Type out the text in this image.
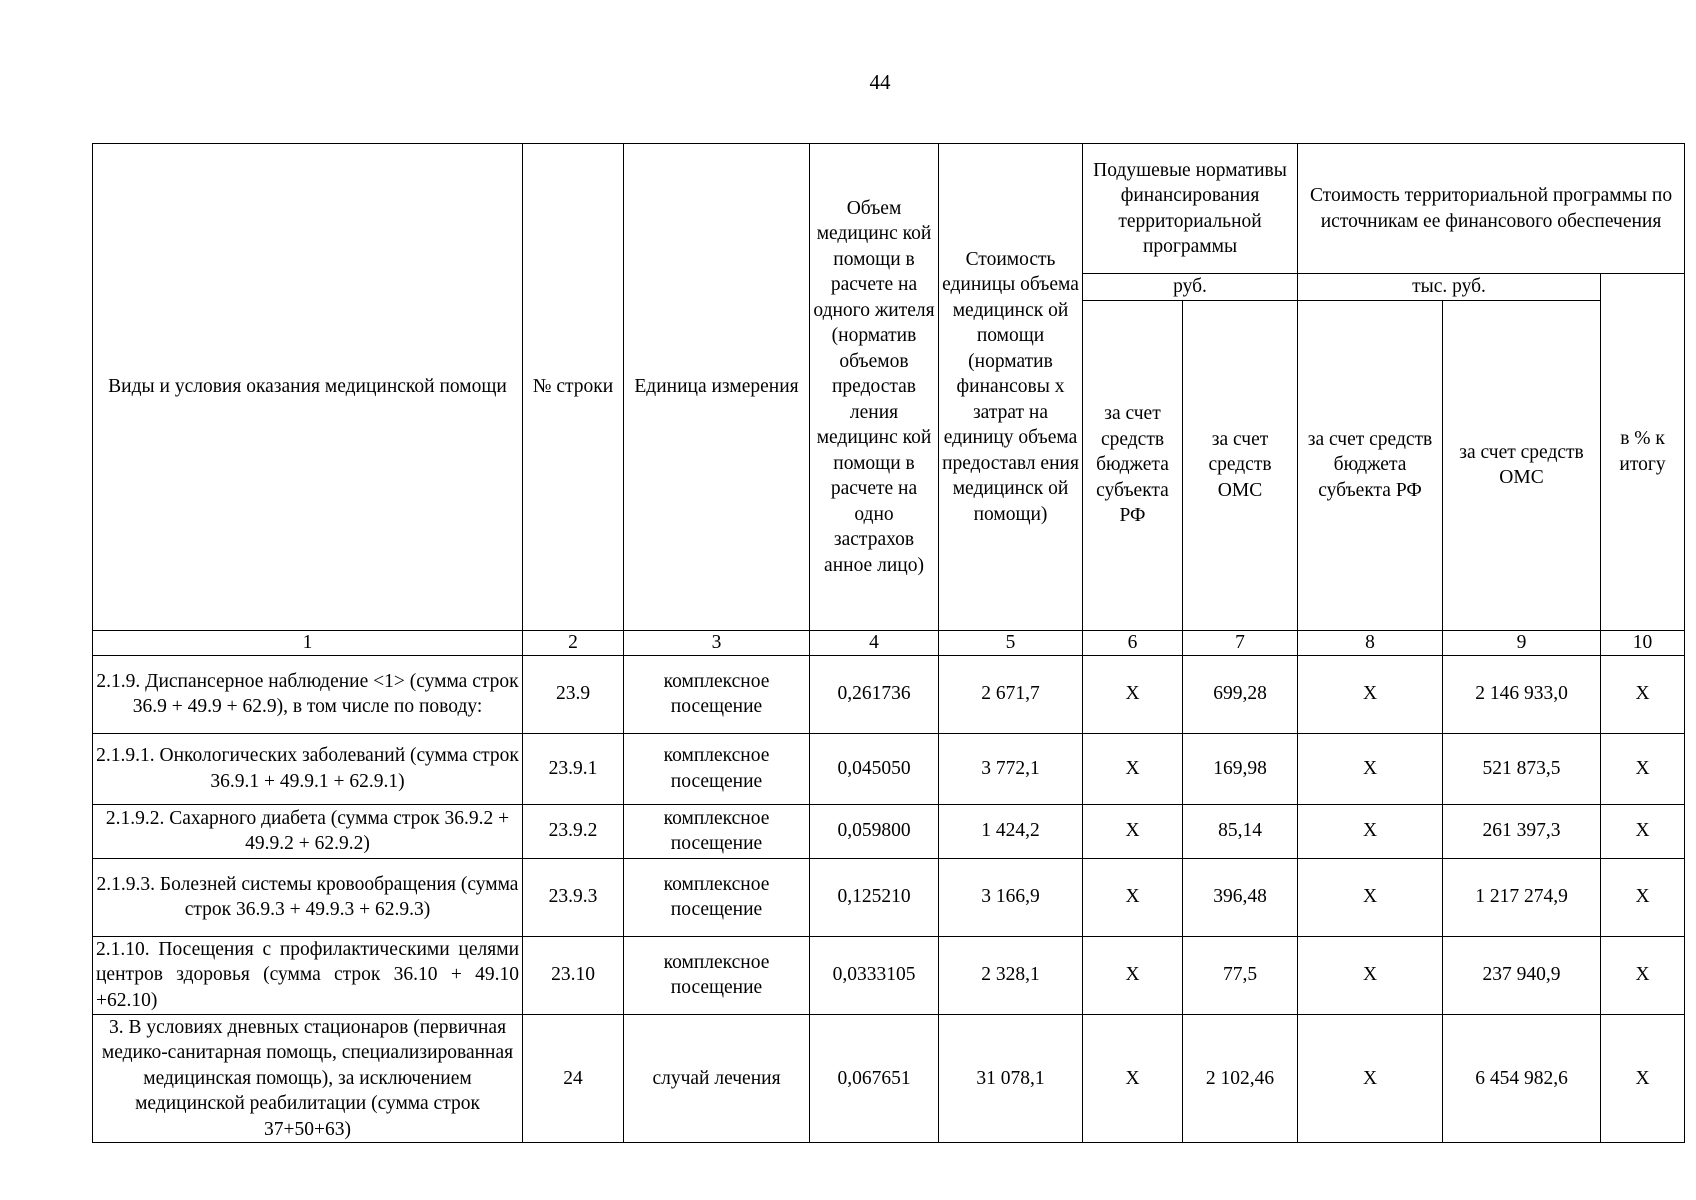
44
Виды и условия оказания медицинской помощи	№ строки	Единица измерения	Объем медицинс кой помощи в расчете на одного жителя (норматив объемов предостав ления медицинс кой помощи в расчете на одно застрахов анное лицо)	Стоимость единицы объема медицинск ой помощи (норматив финансовы х затрат на единицу объема предоставл ения медицинск ой помощи)	Подушевые нормативы финансирования территориальной программы		Стоимость территориальной программы по источникам ее финансового обеспечения		
					руб.		тыс. руб.		в % к итогу
					за счет средств бюджета субъекта РФ	за счет средств ОМС	за счет средств бюджета субъекта РФ	за счет средств ОМС	
1	2	3	4	5	6	7	8	9	10
2.1.9. Диспансерное наблюдение <1> (сумма строк 36.9 + 49.9 + 62.9), в том числе по поводу:	23.9	комплексное посещение	0,261736	2 671,7	X	699,28	X	2 146 933,0	X
2.1.9.1. Онкологических заболеваний (сумма строк 36.9.1 + 49.9.1 + 62.9.1)	23.9.1	комплексное посещение	0,045050	3 772,1	X	169,98	X	521 873,5	X
2.1.9.2. Сахарного диабета (сумма строк 36.9.2 + 49.9.2 + 62.9.2)	23.9.2	комплексное посещение	0,059800	1 424,2	X	85,14	X	261 397,3	X
2.1.9.3. Болезней системы кровообращения (сумма строк 36.9.3 + 49.9.3 + 62.9.3)	23.9.3	комплексное посещение	0,125210	3 166,9	X	396,48	X	1 217 274,9	X
2.1.10. Посещения с профилактическими целями центров здоровья (сумма строк 36.10 + 49.10 +62.10)	23.10	комплексное посещение	0,0333105	2 328,1	X	77,5	X	237 940,9	X
3. В условиях дневных стационаров (первичная медико-санитарная помощь, специализированная медицинская помощь), за исключением медицинской реабилитации (сумма строк 37+50+63)	24	случай лечения	0,067651	31 078,1	X	2 102,46	X	6 454 982,6	X
